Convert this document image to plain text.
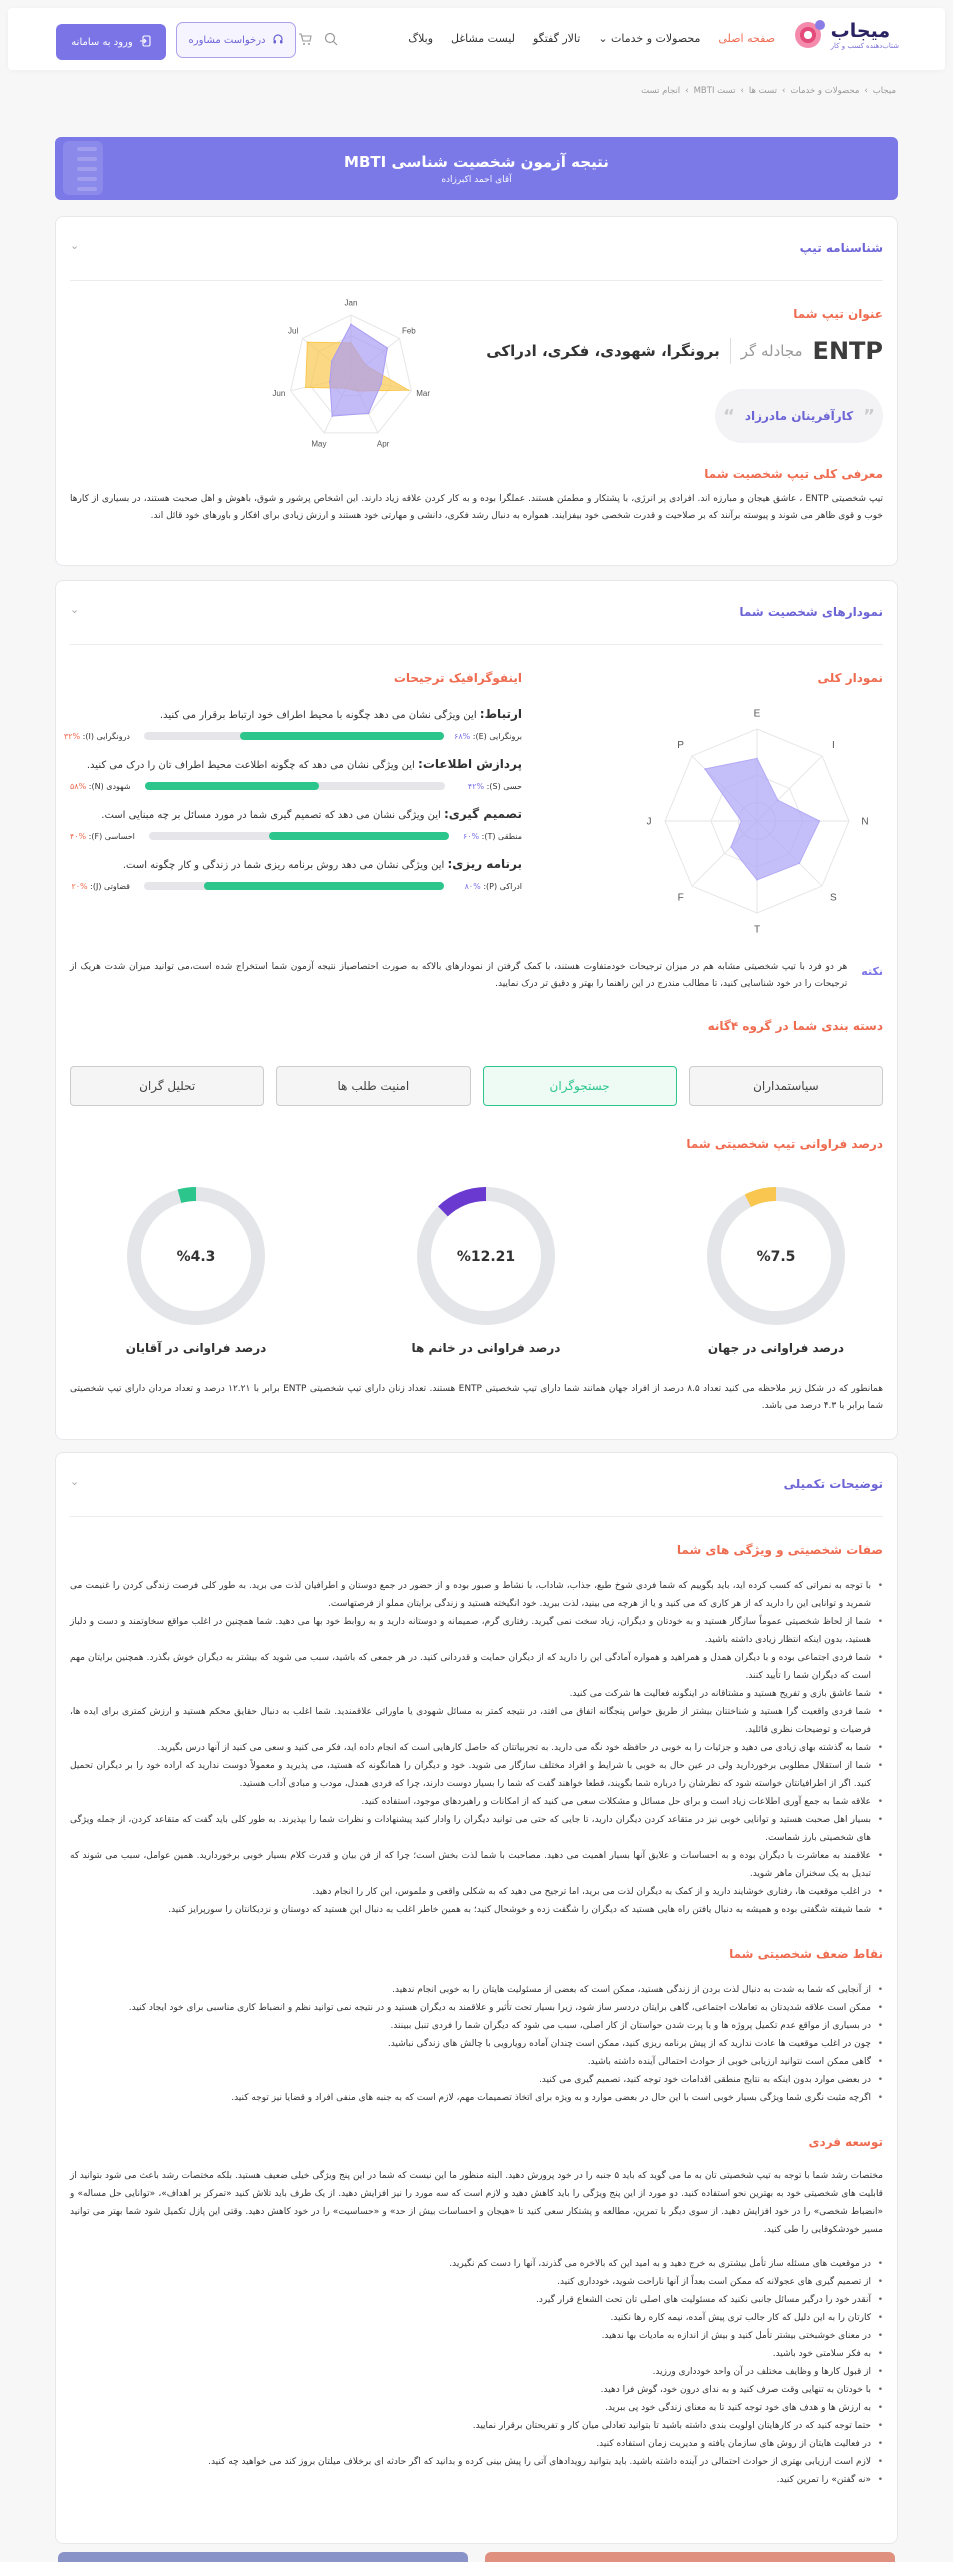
میجاب
شتاب‌دهنده کسب و کار
صفحه اصلی
محصولات و خدمات ⌄
تالار گفتگو
لیست مشاغل
وبلاگ
درخواست مشاوره
ورود به سامانه
میجاب
›
محصولات و خدمات
›
تست ها
›
تست MBTI
›
انجام تست
نتیجه آزمون شخصیت شناسی MBTI

آقای احمد اکبرزاده

شناسنامه تیپ
⌄
عنوان تیپ شما
ENTP
مجادله گر
برونگرا، شهودی، فکری، ادراکی
”
کارآفرینان مادرزاد
“
Jan
Feb
Mar
Apr
May
Jun
Jul
معرفی کلی تیپ شخصیت شما

تیپ شخصیتی ENTP ، عاشق هیجان و مبارزه اند. افرادی پر انرژی، با پشتکار و مطمئن هستند. عملگرا بوده و به کار کردن علاقه زیاد دارند. این اشخاص پرشور و شوق، باهوش و اهل صحبت هستند، در بسیاری از کارها خوب و قوی ظاهر می شوند و پیوسته برآنند که بر صلاحیت و قدرت شخصی خود بیفزایند. همواره به دنبال رشد فکری، دانشی و مهارتی خود هستند و ارزش زیادی برای افکار و باورهای خود قائل اند.

نمودارهای شخصیت شما
⌄
نمودار کلی
اینفوگرافیک ترجیحات
E
I
N
S
T
F
J
P
ارتباط: این ویژگی نشان می دهد چگونه با محیط اطراف خود ارتباط برقرار می کنید.
برونگرایی (E): ۶۸%
درونگرایی (I): ۳۲%
پردازش اطلاعات: این ویژگی نشان می دهد که چگونه اطلاعت محیط اطراف تان را درک می کنید.
حسی (S): ۴۲%
شهودی (N): ۵۸%
تصمیم گیری: این ویژگی نشان می دهد که تصمیم گیری شما در مورد مسائل بر چه مبنایی است.
منطقی (T): ۶۰%
احساسی (F): ۴۰%
برنامه ریزی: این ویژگی نشان می دهد روش برنامه ریزی شما در زندگی و کار چگونه است.
ادراکی (P): ۸۰%
قضاوتی (J): ۲۰%
نکته

هر دو فرد با تیپ شخصیتی مشابه هم در میزان ترجیحات خودمتفاوت هستند، با کمک گرفتن از نمودارهای بالاکه به صورت احتصاصیاز نتیجه آزمون شما استخراج شده است،می توانید میزان شدت هریک از ترجیحات را در خود شناسایی کنید، تا مطالب مندرج در این راهنما را بهتر و دقیق تر درک نمایید.

دسته بندی شما در گروه ۴گانه
سیاستمداران
جستجوگران
امنیت طلب ها
تحلیل گران
درصد فراوانی تیپ شخصیتی شما
%7.5
درصد فراوانی در جهان
%12.21
درصد فراوانی در خانم ها
%4.3
درصد فراوانی در آقایان

همانطور که در شکل زیر ملاحظه می کنید تعداد ۸.۵ درصد از افراد جهان همانند شما دارای تیپ شخصیتی ENTP هستند. تعداد زنان دارای تیپ شخصیتی ENTP برابر با ۱۲.۲۱ درصد و تعداد مردان دارای تیپ شخصیتی شما برابر با ۴.۳ درصد می باشد.

توضیحات تکمیلی
⌄
صفات شخصیتی و ویژگی های شما
• با توجه به نمراتی که کسب کرده اید، باید بگوییم که شما فردی شوخ طبع، جذاب، شاداب، با نشاط و صبور بوده و از حضور در جمع دوستان و اطرافیان لذت می برید. به طور کلی فرصت زندگی کردن را غنیمت می شمرید و توانایی این را دارید که از هر کاری که می کنید و یا از هرچه می بینید، لذت ببرید. خود انگیخته هستید و زندگی برایتان مملو از فرصتهاست.
• شما از لحاظ شخصیتی عموماً سازگار هستید و به خودتان و دیگران، زیاد سخت نمی گیرید. رفتاری گرم، صمیمانه و دوستانه دارید و به روابط خود بها می دهید. شما همچنین در اغلب مواقع سخاوتمند و دست و دلباز هستید، بدون اینکه انتظار زیادی داشته باشید.
• شما فردی اجتماعی بوده و با دیگران همدل و همراهید و همواره آمادگی این را دارید که از دیگران حمایت و قدردانی کنید. در هر جمعی که باشید، سبب می شوید که بیشتر به دیگران خوش بگذرد. همچنین برایتان مهم است که دیگران شما را تأیید کنند.
• شما عاشق بازی و تفریح هستید و مشتاقانه در اینگونه فعالیت ها شرکت می کنید.
• شما فردی واقعیت گرا هستید و شناختتان بیشتر از طریق حواس پنجگانه اتفاق می افتد، در نتیجه کمتر به مسائل شهودی یا ماورائی علاقمندید. شما اغلب به دنبال حقایق محکم هستید و ارزش کمتری برای ایده ها، فرضیات و توضیحات نظری قائلید.
• شما به گذشته بهای زیادی می دهید و جزئیات را به خوبی در حافظه خود نگه می دارید. به تجربیاتتان که حاصل کارهایی است که انجام داده اید، فکر می کنید و سعی می کنید از آنها درس بگیرید.
• شما از استقلال مطلوبی برخوردارید ولی در عین حال به خوبی با شرایط و افراد مختلف سازگار می شوید. خود و دیگران را همانگونه که هستید، می پذیرید و معمولاً دوست ندارید که اراده خود را بر دیگران تحمیل کنید. اگر از اطرافیانتان خواسته شود که نظرشان را درباره شما بگویند، قطعا خواهند گفت که شما را بسیار دوست دارند، چرا که فردی همدل، مودب و مبادی آداب هستید.
• علاقه شما به جمع آوری اطلاعات زیاد است و برای حل مسائل و مشکلات سعی می کنید که از امکانات و راهبردهای موجود، استفاده کنید.
• بسیار اهل صحبت هستید و توانایی خوبی نیز در متقاعد کردن دیگران دارید، تا جایی که حتی می توانید دیگران را وادار کنید پیشنهادات و نظرات شما را بپذیرند. به طور کلی باید گفت که متقاعد کردن، از جمله ویژگی های شخصیتی بارز شماست.
• علاقمند به معاشرت با دیگران بوده و به احساسات و علایق آنها بسیار اهمیت می دهید. مصاحبت با شما لذت بخش است؛ چرا که از فن بیان و قدرت کلام بسیار خوبی برخوردارید. همین عوامل، سبب می شوند که تبدیل به یک سخنران ماهر شوید.
• در اغلب موقعیت ها، رفتاری خوشایند دارید و از کمک به دیگران لذت می برید، اما ترجیح می دهید که به شکلی واقعی و ملموس، این کار را انجام دهید.
• شما شیفته شگفتی بوده و همیشه به دنبال یافتن راه هایی هستید که دیگران را شگفت زده و خوشحال کنید؛ به همین خاطر اغلب به دنبال این هستید که دوستان و نزدیکانتان را سورپرایز کنید.
نقاط ضعف شخصیتی شما
• از آنجایی که شما به شدت به دنبال لذت بردن از زندگی هستید، ممکن است که بعضی از مسئولیت هایتان را به خوبی انجام ندهید.
• ممکن است علاقه شدیدتان به تعاملات اجتماعی، گاهی برایتان دردسر ساز شود، زیرا بسیار تحت تأثیر و علاقمند به دیگران هستید و در نتیجه نمی توانید نظم و انضباط کاری مناسبی برای خود ایجاد کنید.
• در بسیاری از مواقع عدم تکمیل پروژه ها و یا پرت شدن حواستان از کار اصلی، سبب می شود که دیگران شما را فردی تنبل ببینند.
• چون در اغلب موقعیت ها عادت ندارید که از پیش برنامه ریزی کنید، ممکن است چندان آماده رویارویی با چالش های زندگی نباشید.
• گاهی ممکن است نتوانید ارزیابی خوبی از حوادث احتمالی آینده داشته باشید.
• در بعضی موارد بدون اینکه به نتایج منطقی اقدامات خود توجه کنید، تصمیم گیری می کنید.
• اگرچه مثبت نگری شما ویژگی بسیار خوبی است با این حال در بعضی موارد و به ویژه برای اتخاذ تصمیمات مهم، لازم است که به جنبه های منفی افراد و قضایا نیز توجه کنید.
توسعه فردی

مختصات رشد شما با توجه به تیپ شخصیتی تان به ما می گوید که باید ۵ جنبه را در خود پرورش دهید. البته منظور ما این نیست که شما در این پنج ویژگی خیلی ضعیف هستید. بلکه مختصات رشد باعث می شود بتوانید از قابلیت های شخصیتی خود به بهترین نحو استفاده کنید. دو مورد از این پنج ویژگی را باید کاهش دهید و لازم است که سه مورد را نیز افزایش دهید. از یک طرف باید تلاش کنید «تمرکز بر اهداف»، «توانایی حل مساله» و «انضباط شخصی» را در خود افزایش دهید. از سوی دیگر با تمرین، مطالعه و پشتکار سعی کنید تا «هیجان و احساسات بیش از حد» و «حساسیت» را در خود کاهش دهید. وقتی این پازل تکمیل شود شما بهتر می توانید مسیر خودشکوفایی را طی کنید.

• در موقعیت های مسئله ساز تأمل بیشتری به خرج دهید و به امید این که بالاخره می گذرند، آنها را دست کم نگیرید.
• از تصمیم گیری های عجولانه که ممکن است بعداً از آنها ناراحت شوید، خودداری کنید.
• آنقدر خود را درگیر مسائل جانبی نکنید که مسئولیت های اصلی تان تحت الشعاع قرار گیرد.
• کارتان را به این دلیل که کار جالب تری پیش آمده، نیمه کاره رها نکنید.
• در معنای خوشبختی بیشتر تأمل کنید و بیش از اندازه به مادیات بها ندهید.
• به فکر سلامتی خود باشید.
• از قبول کارها و وظایف مختلف در آن واحد خودداری ورزید.
• با خودتان به تنهایی وقت صرف کنید و به ندای درون خود، گوش فرا دهید.
• به ارزش ها و هدف های خود توجه کنید تا به معنای زندگی خود پی ببرید.
• حتما توجه کنید که در کارهایتان اولویت بندی داشته باشید تا بتوانید تعادلی میان کار و تفریحتان برقرار نمایید.
• در فعالیت هایتان از روش های سازمان یافته و مدیریت زمان استفاده کنید.
• لازم است ارزیابی بهتری از حوادث احتمالی در آینده داشته باشید. باید بتوانید رویدادهای آتی را پیش بینی کرده و بدانید که اگر حادثه ای برخلاف میلتان بروز کند می خواهید چه کنید.
• «نه گفتن» را تمرین کنید.
